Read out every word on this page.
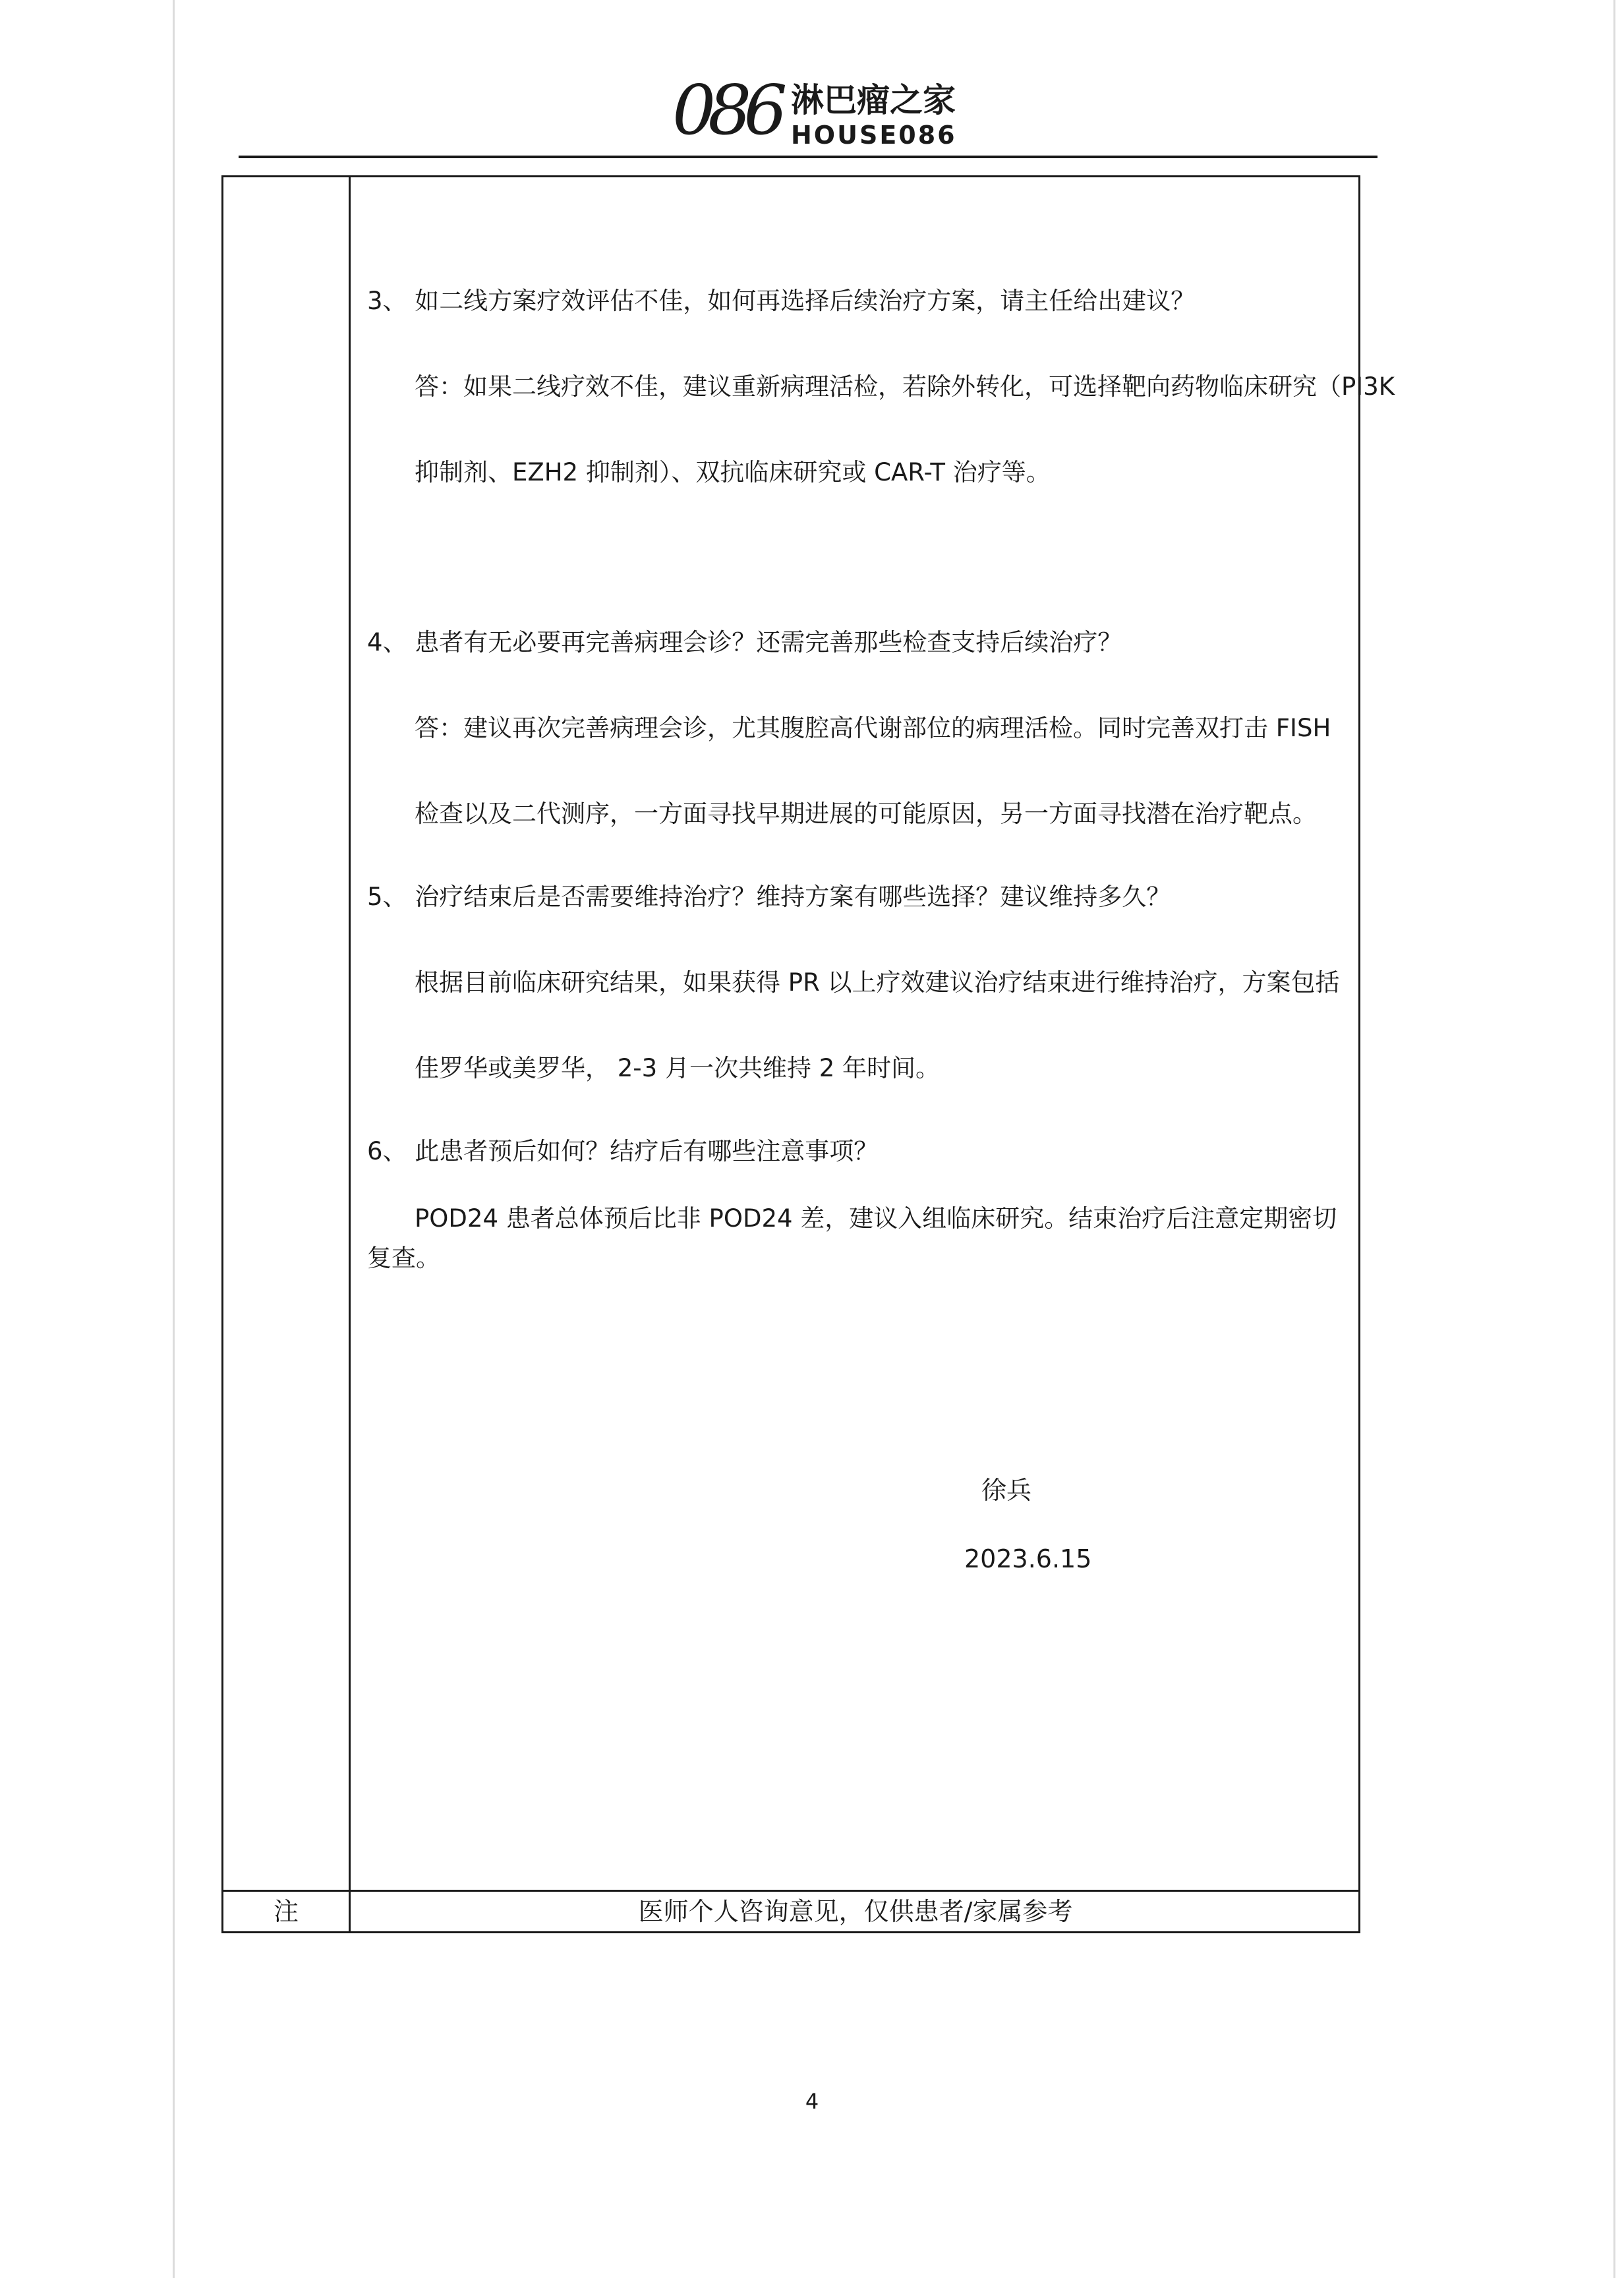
086 淋巴瘤之家
HOUSE086
3、 如二线方案疗效评估不佳，如何再选择后续治疗方案，请主任给出建议？
答：如果二线疗效不佳，建议重新病理活检，若除外转化，可选择靶向药物临床研究（PI3K
抑制剂、EZH2 抑制剂）、双抗临床研究或 CAR-T 治疗等。
4、 患者有无必要再完善病理会诊？还需完善那些检查支持后续治疗？
答：建议再次完善病理会诊，尤其腹腔高代谢部位的病理活检。同时完善双打击 FISH
检查以及二代测序，一方面寻找早期进展的可能原因，另一方面寻找潜在治疗靶点。
5、 治疗结束后是否需要维持治疗？维持方案有哪些选择？建议维持多久？
根据目前临床研究结果，如果获得 PR 以上疗效建议治疗结束进行维持治疗，方案包括
佳罗华或美罗华， 2-3 月一次共维持 2 年时间。
6、 此患者预后如何？结疗后有哪些注意事项？
POD24 患者总体预后比非 POD24 差，建议入组临床研究。结束治疗后注意定期密切
复查。
徐兵
2023.6.15
注	医师个人咨询意见，仅供患者/家属参考
4
